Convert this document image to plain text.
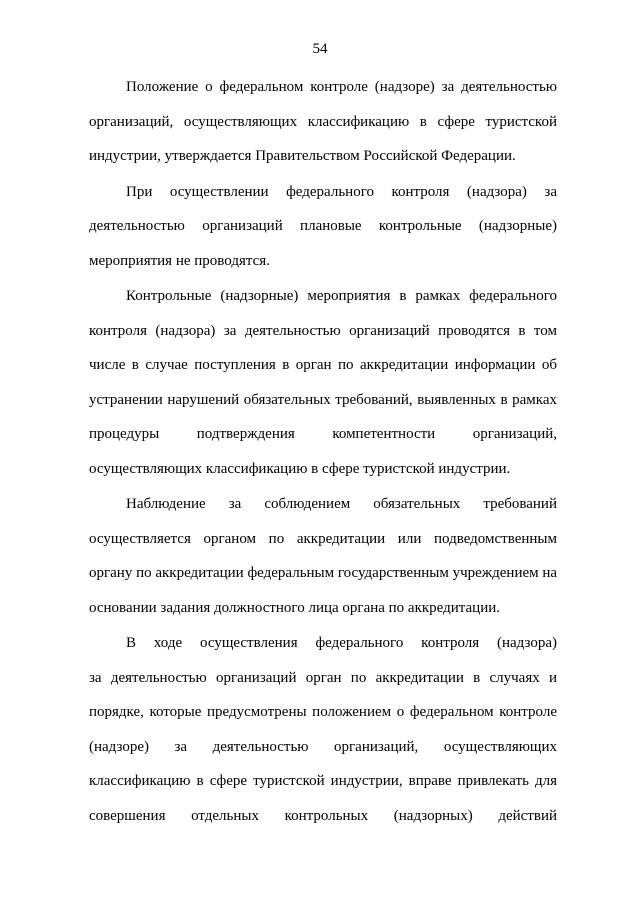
54
Положение о федеральном контроле (надзоре) за деятельностью
организаций, осуществляющих классификацию в сфере туристской
индустрии, утверждается Правительством Российской Федерации.
При осуществлении федерального контроля (надзора) за
деятельностью организаций плановые контрольные (надзорные)
мероприятия не проводятся.
Контрольные (надзорные) мероприятия в рамках федерального
контроля (надзора) за деятельностью организаций проводятся в том
числе в случае поступления в орган по аккредитации информации об
устранении нарушений обязательных требований, выявленных в рамках
процедуры подтверждения компетентности организаций,
осуществляющих классификацию в сфере туристской индустрии.
Наблюдение за соблюдением обязательных требований
осуществляется органом по аккредитации или подведомственным
органу по аккредитации федеральным государственным учреждением на
основании задания должностного лица органа по аккредитации.
В ходе осуществления федерального контроля (надзора)
за деятельностью организаций орган по аккредитации в случаях и
порядке, которые предусмотрены положением о федеральном контроле
(надзоре) за деятельностью организаций, осуществляющих
классификацию в сфере туристской индустрии, вправе привлекать для
совершения отдельных контрольных (надзорных) действий
